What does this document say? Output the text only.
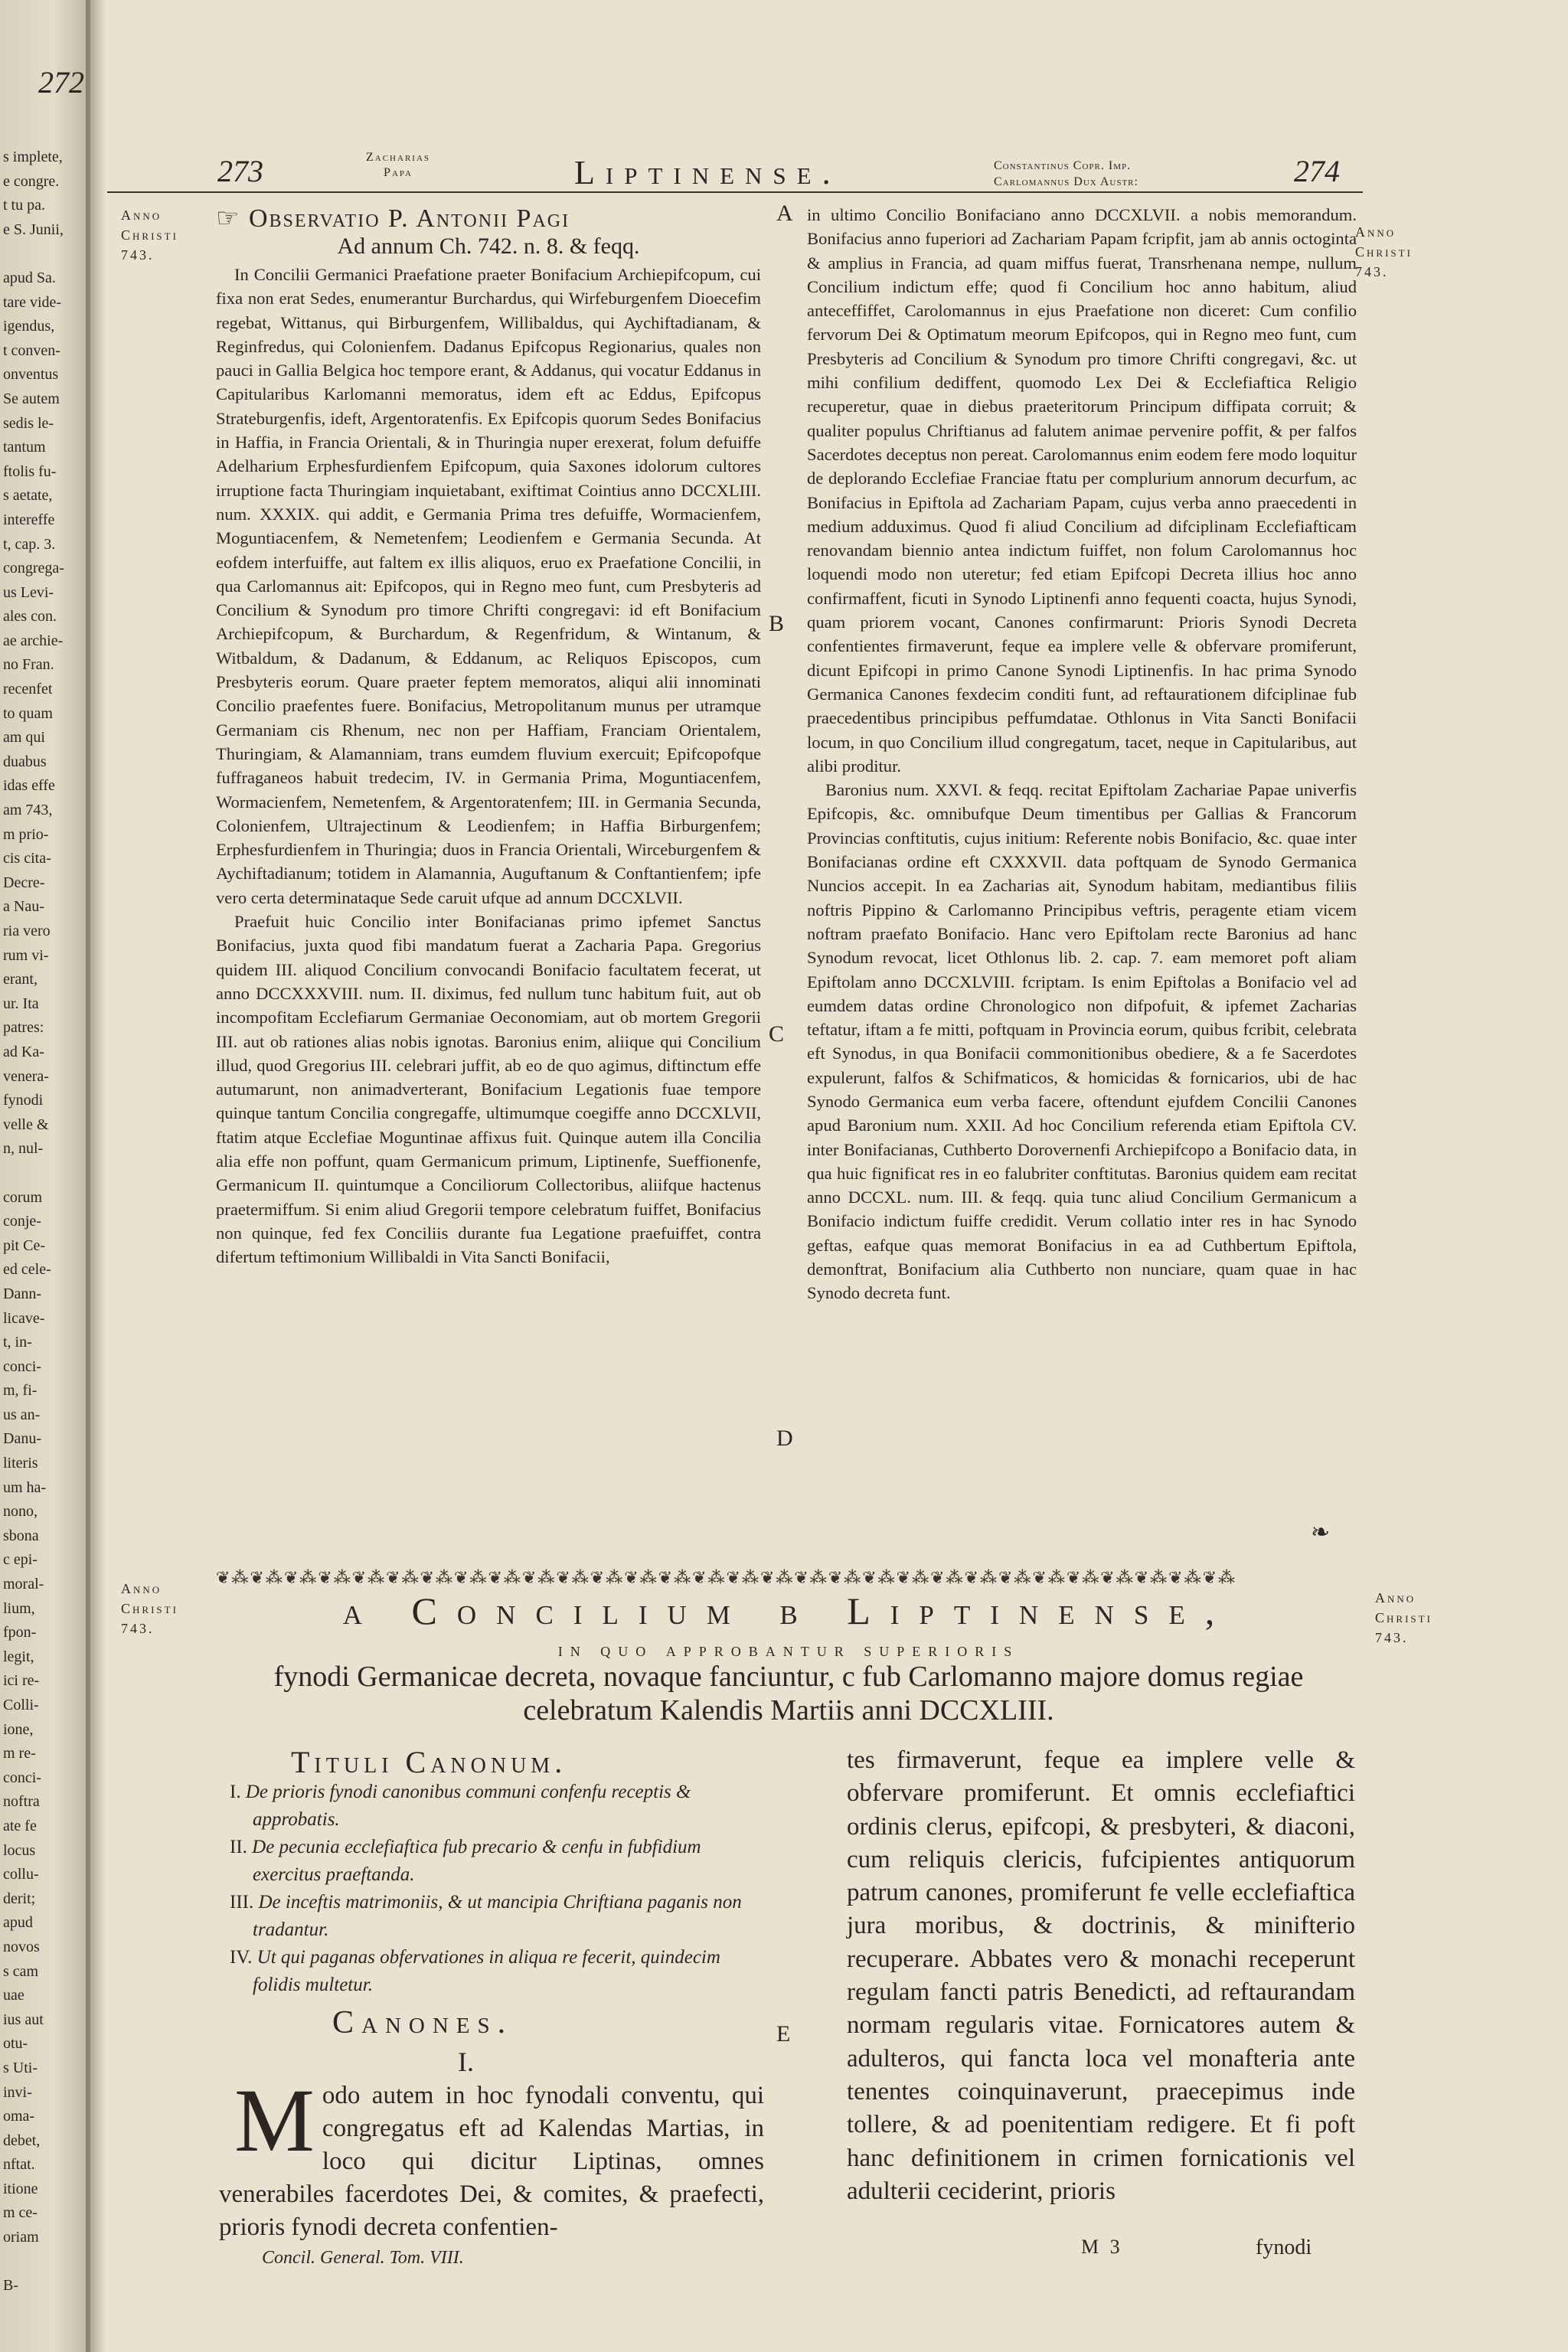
272
s implete,
e congre.
t tu pa.
e S. Junii,

apud Sa.
tare vide-
igendus,
t conven-
onventus
Se autem
sedis le-
tantum
ftolis fu-
s aetate,
intereffe
t, cap. 3.
congrega-
us Levi-
ales con.
ae archie-
no Fran.
recenfet
to quam
am qui
duabus
idas effe
am 743,
m prio-
cis cita-
Decre-
a Nau-
ria vero
rum vi-
erant,
ur. Ita
patres:
ad Ka-
venera-
fynodi
velle &
n, nul-

corum
conje-
pit Ce-
ed cele-
Dann-
licave-
t, in-
conci-
m, fi-
us an-
Danu-
literis
um ha-
nono,
sbona
c epi-
moral-
lium,
fpon-
legit,
ici re-
Colli-
ione,
m re-
conci-
noftra
ate fe
locus
collu-
derit;
apud
novos
s cam
uae
ius aut
otu-
s Uti-
invi-
oma-
debet,
nftat.
itione
m ce-
oriam

B-
273	Zacharias
Papa	Liptinense.	Constantinus Copr. Imp.
Carlomannus Dux Austr:	274
Anno
Christi
743.
Anno
Christi
743.
Anno
Christi
743.
Anno
Christi
743.
A
B
C
D
E
☞ Observatio P. Antonii Pagi
Ad annum Ch. 742. n. 8. & feqq.

In Concilii Germanici Praefatione praeter Bonifacium Archiepifcopum, cui fixa non erat Sedes, enumerantur Burchardus, qui Wirfeburgenfem Dioecefim regebat, Wittanus, qui Birburgenfem, Willibaldus, qui Aychiftadianam, & Reginfredus, qui Colonienfem. Dadanus Epifcopus Regionarius, quales non pauci in Gallia Belgica hoc tempore erant, & Addanus, qui vocatur Eddanus in Capitularibus Karlomanni memoratus, idem eft ac Eddus, Epifcopus Strateburgenfis, ideft, Argentoratenfis. Ex Epifcopis quorum Sedes Bonifacius in Haffia, in Francia Orientali, & in Thuringia nuper erexerat, folum defuiffe Adelharium Erphesfurdienfem Epifcopum, quia Saxones idolorum cultores irruptione facta Thuringiam inquietabant, exiftimat Cointius anno DCCXLIII. num. XXXIX. qui addit, e Germania Prima tres defuiffe, Wormacienfem, Moguntiacenfem, & Nemetenfem; Leodienfem e Germania Secunda. At eofdem interfuiffe, aut faltem ex illis aliquos, eruo ex Praefatione Concilii, in qua Carlomannus ait: Epifcopos, qui in Regno meo funt, cum Presbyteris ad Concilium & Synodum pro timore Chrifti congregavi: id eft Bonifacium Archiepifcopum, & Burchardum, & Regenfridum, & Wintanum, & Witbaldum, & Dadanum, & Eddanum, ac Reliquos Episcopos, cum Presbyteris eorum. Quare praeter feptem memoratos, aliqui alii innominati Concilio praefentes fuere. Bonifacius, Metropolitanum munus per utramque Germaniam cis Rhenum, nec non per Haffiam, Franciam Orientalem, Thuringiam, & Alamanniam, trans eumdem fluvium exercuit; Epifcopofque fuffraganeos habuit tredecim, IV. in Germania Prima, Moguntiacenfem, Wormacienfem, Nemetenfem, & Argentoratenfem; III. in Germania Secunda, Colonienfem, Ultrajectinum & Leodienfem; in Haffia Birburgenfem; Erphesfurdienfem in Thuringia; duos in Francia Orientali, Wirceburgenfem & Aychiftadianum; totidem in Alamannia, Auguftanum & Conftantienfem; ipfe vero certa determinataque Sede caruit ufque ad annum DCCXLVII.

Praefuit huic Concilio inter Bonifacianas primo ipfemet Sanctus Bonifacius, juxta quod fibi mandatum fuerat a Zacharia Papa. Gregorius quidem III. aliquod Concilium convocandi Bonifacio facultatem fecerat, ut anno DCCXXXVIII. num. II. diximus, fed nullum tunc habitum fuit, aut ob incompofitam Ecclefiarum Germaniae Oeconomiam, aut ob mortem Gregorii III. aut ob rationes alias nobis ignotas. Baronius enim, aliique qui Concilium illud, quod Gregorius III. celebrari juffit, ab eo de quo agimus, diftinctum effe autumarunt, non animadverterant, Bonifacium Legationis fuae tempore quinque tantum Concilia congregaffe, ultimumque coegiffe anno DCCXLVII, ftatim atque Ecclefiae Moguntinae affixus fuit. Quinque autem illa Concilia alia effe non poffunt, quam Germanicum primum, Liptinenfe, Sueffionenfe, Germanicum II. quintumque a Conciliorum Collectoribus, aliifque hactenus praetermiffum. Si enim aliud Gregorii tempore celebratum fuiffet, Bonifacius non quinque, fed fex Conciliis durante fua Legatione praefuiffet, contra difertum teftimonium Willibaldi in Vita Sancti Bonifacii,

in ultimo Concilio Bonifaciano anno DCCXLVII. a nobis memorandum. Bonifacius anno fuperiori ad Zachariam Papam fcripfit, jam ab annis octoginta & amplius in Francia, ad quam miffus fuerat, Transrhenana nempe, nullum Concilium indictum effe; quod fi Concilium hoc anno habitum, aliud anteceffiffet, Carolomannus in ejus Praefatione non diceret: Cum confilio fervorum Dei & Optimatum meorum Epifcopos, qui in Regno meo funt, cum Presbyteris ad Concilium & Synodum pro timore Chrifti congregavi, &c. ut mihi confilium dediffent, quomodo Lex Dei & Ecclefiaftica Religio recuperetur, quae in diebus praeteritorum Principum diffipata corruit; & qualiter populus Chriftianus ad falutem animae pervenire poffit, & per falfos Sacerdotes deceptus non pereat. Carolomannus enim eodem fere modo loquitur de deplorando Ecclefiae Franciae ftatu per complurium annorum decurfum, ac Bonifacius in Epiftola ad Zachariam Papam, cujus verba anno praecedenti in medium adduximus. Quod fi aliud Concilium ad difciplinam Ecclefiafticam renovandam biennio antea indictum fuiffet, non folum Carolomannus hoc loquendi modo non uteretur; fed etiam Epifcopi Decreta illius hoc anno confirmaffent, ficuti in Synodo Liptinenfi anno fequenti coacta, hujus Synodi, quam priorem vocant, Canones confirmarunt: Prioris Synodi Decreta confentientes firmaverunt, feque ea implere velle & obfervare promiferunt, dicunt Epifcopi in primo Canone Synodi Liptinenfis. In hac prima Synodo Germanica Canones fexdecim conditi funt, ad reftaurationem difciplinae fub praecedentibus principibus peffumdatae. Othlonus in Vita Sancti Bonifacii locum, in quo Concilium illud congregatum, tacet, neque in Capitularibus, aut alibi proditur.

Baronius num. XXVI. & feqq. recitat Epiftolam Zachariae Papae univerfis Epifcopis, &c. omnibufque Deum timentibus per Gallias & Francorum Provincias conftitutis, cujus initium: Referente nobis Bonifacio, &c. quae inter Bonifacianas ordine eft CXXXVII. data poftquam de Synodo Germanica Nuncios accepit. In ea Zacharias ait, Synodum habitam, mediantibus filiis noftris Pippino & Carlomanno Principibus veftris, peragente etiam vicem noftram praefato Bonifacio. Hanc vero Epiftolam recte Baronius ad hanc Synodum revocat, licet Othlonus lib. 2. cap. 7. eam memoret poft aliam Epiftolam anno DCCXLVIII. fcriptam. Is enim Epiftolas a Bonifacio vel ad eumdem datas ordine Chronologico non difpofuit, & ipfemet Zacharias teftatur, iftam a fe mitti, poftquam in Provincia eorum, quibus fcribit, celebrata eft Synodus, in qua Bonifacii commonitionibus obediere, & a fe Sacerdotes expulerunt, falfos & Schifmaticos, & homicidas & fornicarios, ubi de hac Synodo Germanica eum verba facere, oftendunt ejufdem Concilii Canones apud Baronium num. XXII. Ad hoc Concilium referenda etiam Epiftola CV. inter Bonifacianas, Cuthberto Dorovernenfi Archiepifcopo a Bonifacio data, in qua huic fignificat res in eo falubriter conftitutas. Baronius quidem eam recitat anno DCCXL. num. III. & feqq. quia tunc aliud Concilium Germanicum a Bonifacio indictum fuiffe credidit. Verum collatio inter res in hac Synodo geftas, eafque quas memorat Bonifacius in ea ad Cuthbertum Epiftola, demonftrat, Bonifacium alia Cuthberto non nunciare, quam quae in hac Synodo decreta funt.

❧
❦⁂❦⁂❦⁂❦⁂❦⁂❦⁂❦⁂❦⁂❦⁂❦⁂❦⁂❦⁂❦⁂❦⁂❦⁂❦⁂❦⁂❦⁂❦⁂❦⁂❦⁂❦⁂❦⁂❦⁂❦⁂❦⁂❦⁂❦⁂❦⁂❦⁂
a Concilium b Liptinense,
in quo approbantur superioris
fynodi Germanicae decreta, novaque fanciuntur, c fub Carlomanno majore domus regiae celebratum Kalendis Martiis anni DCCXLIII.
Tituli Canonum.
I. De prioris fynodi canonibus communi confenfu receptis & approbatis.
II. De pecunia ecclefiaftica fub precario & cenfu in fubfidium exercitus praeftanda.
III. De inceftis matrimoniis, & ut mancipia Chriftiana paganis non tradantur.
IV. Ut qui paganas obfervationes in aliqua re fecerit, quindecim folidis multetur.
Canones.
I.
Modo autem in hoc fynodali conventu, qui congregatus eft ad Kalendas Martias, in loco qui dicitur Liptinas, omnes venerabiles facerdotes Dei, & comites, & praefecti, prioris fynodi decreta confentien-
tes firmaverunt, feque ea implere velle & obfervare promiferunt. Et omnis ecclefiaftici ordinis clerus, epifcopi, & presbyteri, & diaconi, cum reliquis clericis, fufcipientes antiquorum patrum canones, promiferunt fe velle ecclefiaftica jura moribus, & doctrinis, & minifterio recuperare. Abbates vero & monachi receperunt regulam fancti patris Benedicti, ad reftaurandam normam regularis vitae. Fornicatores autem & adulteros, qui fancta loca vel monafteria ante tenentes coinquinaverunt, praecepimus inde tollere, & ad poenitentiam redigere. Et fi poft hanc definitionem in crimen fornicationis vel adulterii ceciderint, prioris
Concil. General. Tom. VIII.	M 3	fynodi
